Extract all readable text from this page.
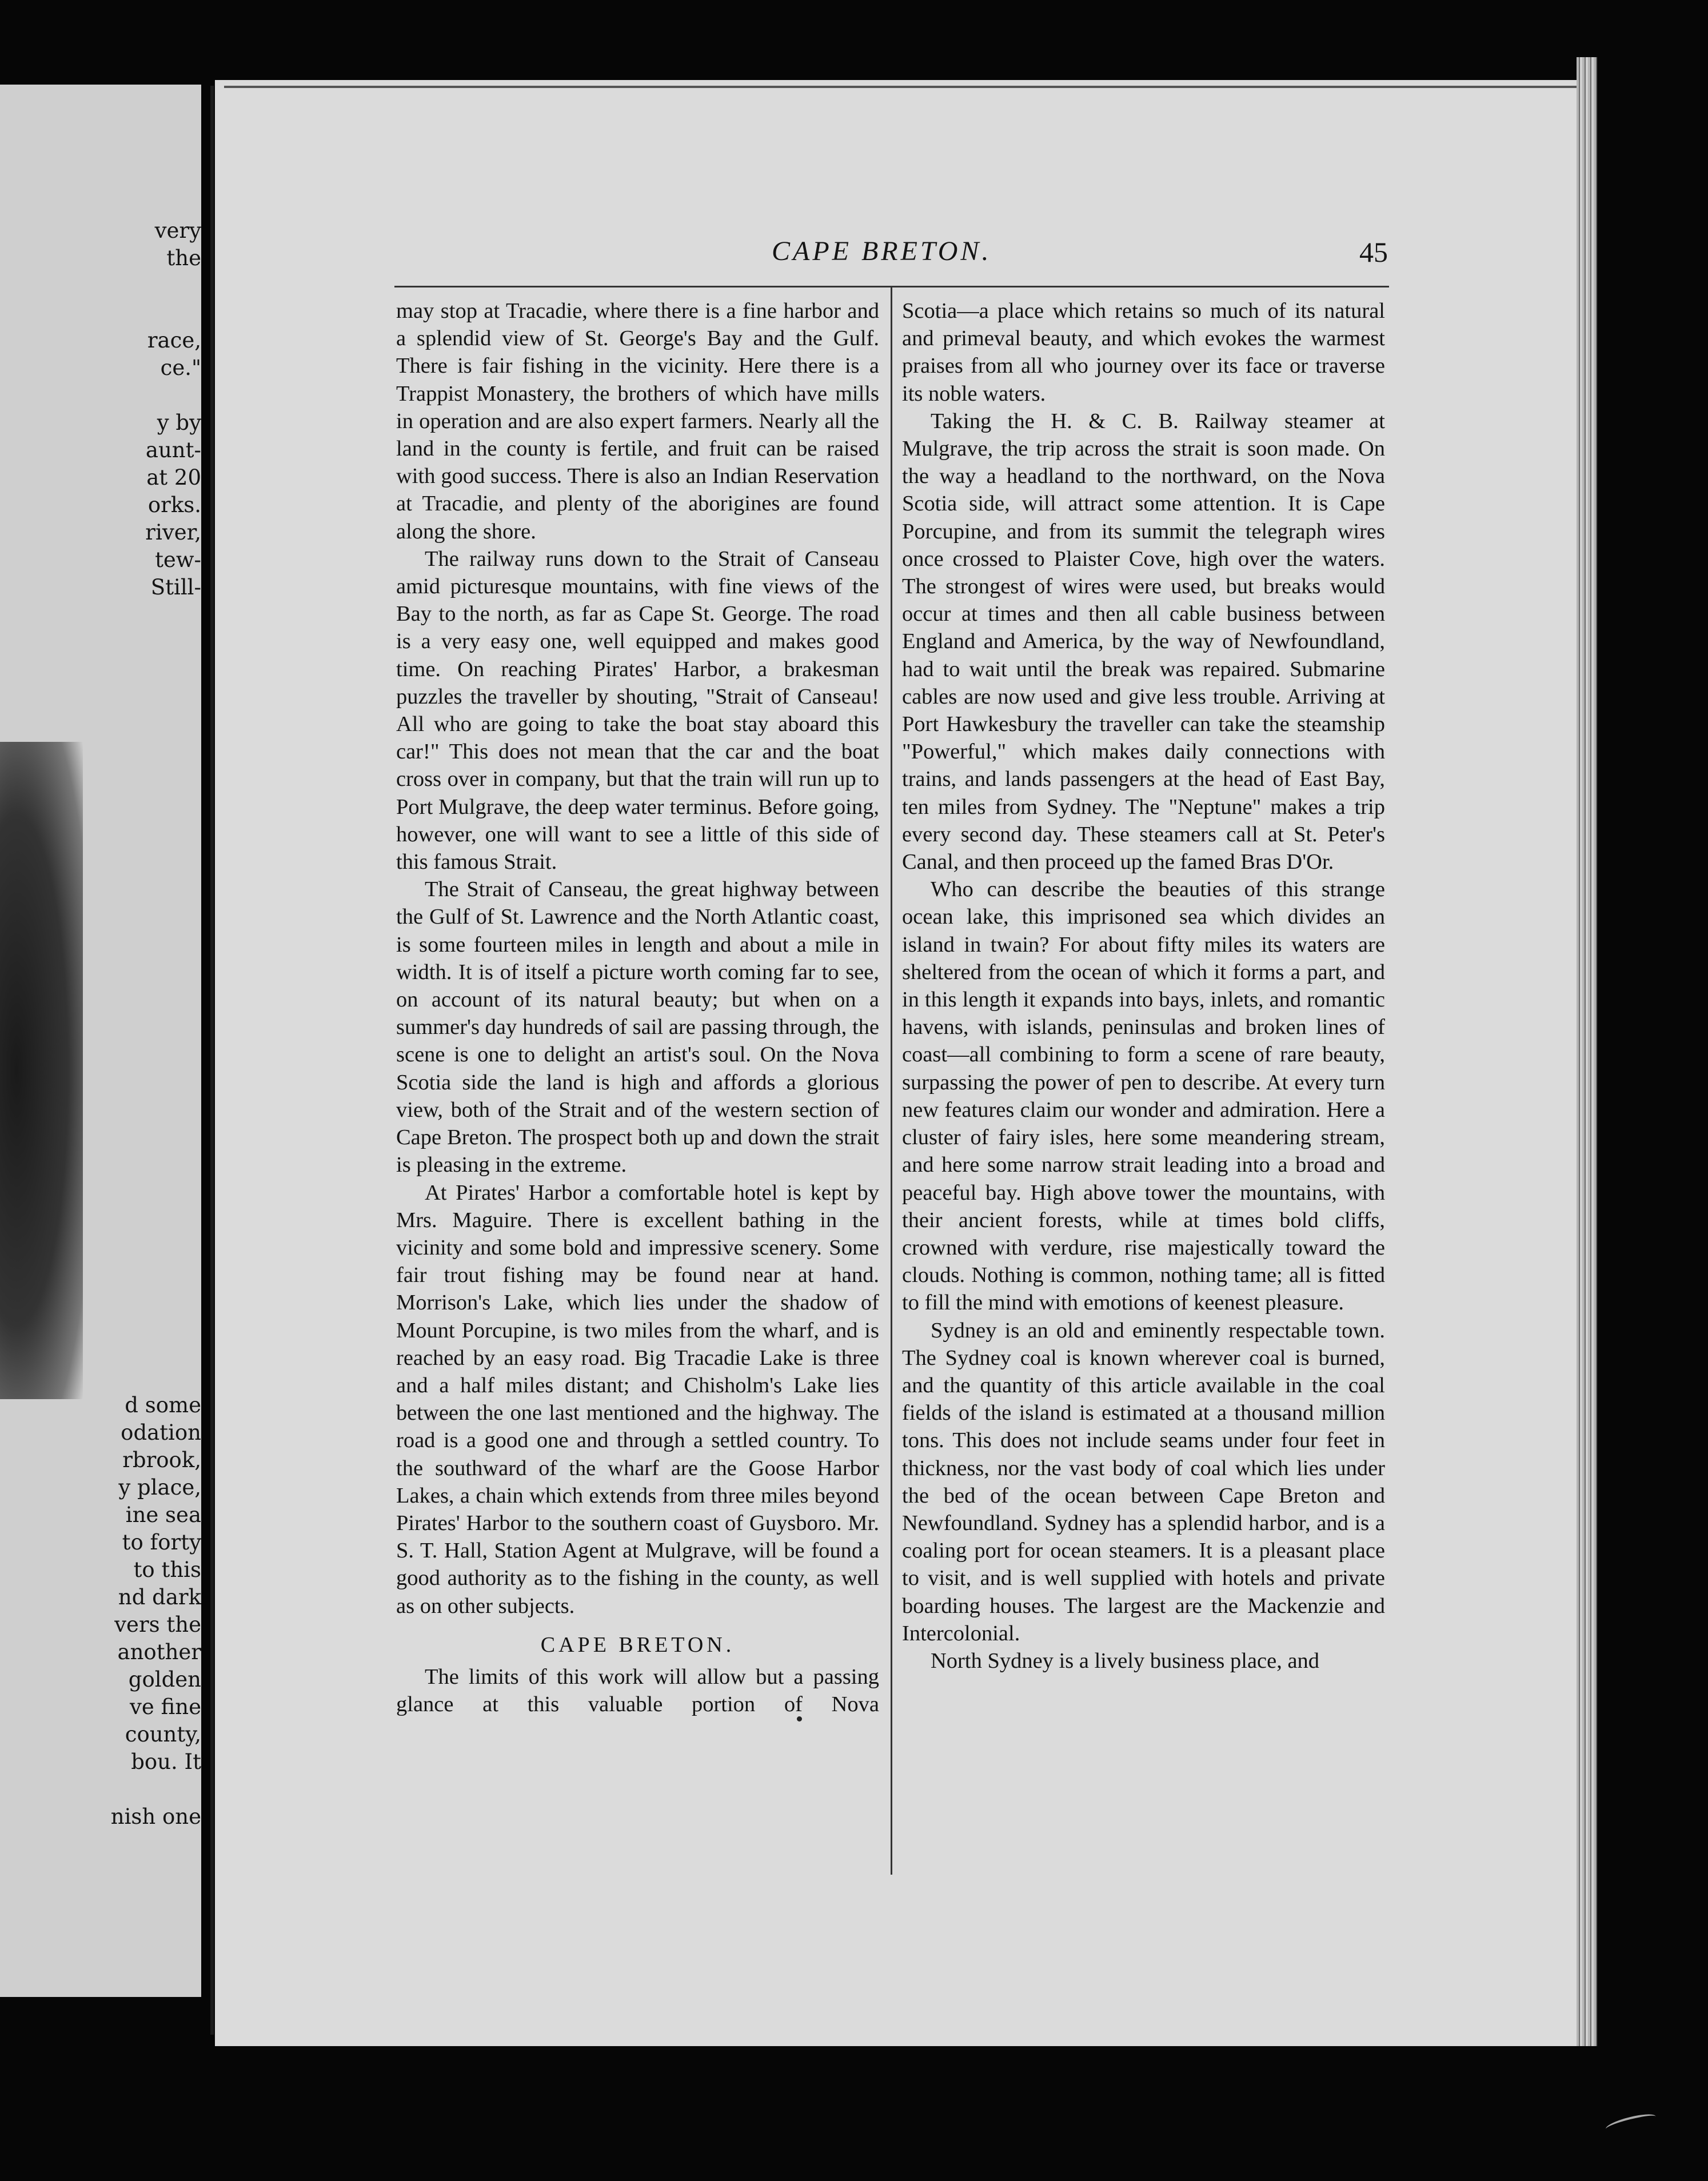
very
the
race,
ce."
y by
aunt-
at 20
orks.
river,
tew-
Still-
d some
odation
rbrook,
y place,
ine sea
to forty
to this
nd dark
vers the
another
golden
ve fine
county,
bou. It
nish one
CAPE BRETON.	45

may stop at Tracadie, where there is a fine harbor and a splendid view of St. George's Bay and the Gulf. There is fair fishing in the vicinity. Here there is a Trappist Monastery, the brothers of which have mills in operation and are also expert farmers. Nearly all the land in the county is fertile, and fruit can be raised with good success. There is also an Indian Reservation at Tracadie, and plenty of the aborigines are found along the shore.

The railway runs down to the Strait of Canseau amid picturesque mountains, with fine views of the Bay to the north, as far as Cape St. George. The road is a very easy one, well equipped and makes good time. On reaching Pirates' Harbor, a brakesman puzzles the traveller by shouting, "Strait of Canseau! All who are going to take the boat stay aboard this car!" This does not mean that the car and the boat cross over in company, but that the train will run up to Port Mulgrave, the deep water terminus. Before going, however, one will want to see a little of this side of this famous Strait.

The Strait of Canseau, the great highway between the Gulf of St. Lawrence and the North Atlantic coast, is some fourteen miles in length and about a mile in width. It is of itself a picture worth coming far to see, on account of its natural beauty; but when on a summer's day hundreds of sail are passing through, the scene is one to delight an artist's soul. On the Nova Scotia side the land is high and affords a glorious view, both of the Strait and of the western section of Cape Breton. The prospect both up and down the strait is pleasing in the extreme.

At Pirates' Harbor a comfortable hotel is kept by Mrs. Maguire. There is excellent bathing in the vicinity and some bold and impressive scenery. Some fair trout fishing may be found near at hand. Morrison's Lake, which lies under the shadow of Mount Porcupine, is two miles from the wharf, and is reached by an easy road. Big Tracadie Lake is three and a half miles distant; and Chisholm's Lake lies between the one last mentioned and the highway. The road is a good one and through a settled country. To the southward of the wharf are the Goose Harbor Lakes, a chain which extends from three miles beyond Pirates' Harbor to the southern coast of Guysboro. Mr. S. T. Hall, Station Agent at Mulgrave, will be found a good authority as to the fishing in the county, as well as on other subjects.

CAPE BRETON.

The limits of this work will allow but a passing glance at this valuable portion of Nova

Scotia—a place which retains so much of its natural and primeval beauty, and which evokes the warmest praises from all who journey over its face or traverse its noble waters.

Taking the H. & C. B. Railway steamer at Mulgrave, the trip across the strait is soon made. On the way a headland to the northward, on the Nova Scotia side, will attract some attention. It is Cape Porcupine, and from its summit the telegraph wires once crossed to Plaister Cove, high over the waters. The strongest of wires were used, but breaks would occur at times and then all cable business between England and America, by the way of Newfoundland, had to wait until the break was repaired. Submarine cables are now used and give less trouble. Arriving at Port Hawkesbury the traveller can take the steamship "Powerful," which makes daily connections with trains, and lands passengers at the head of East Bay, ten miles from Sydney. The "Neptune" makes a trip every second day. These steamers call at St. Peter's Canal, and then proceed up the famed Bras D'Or.

Who can describe the beauties of this strange ocean lake, this imprisoned sea which divides an island in twain? For about fifty miles its waters are sheltered from the ocean of which it forms a part, and in this length it expands into bays, inlets, and romantic havens, with islands, peninsulas and broken lines of coast—all combining to form a scene of rare beauty, surpassing the power of pen to describe. At every turn new features claim our wonder and admiration. Here a cluster of fairy isles, here some meandering stream, and here some narrow strait leading into a broad and peaceful bay. High above tower the mountains, with their ancient forests, while at times bold cliffs, crowned with verdure, rise majestically toward the clouds. Nothing is common, nothing tame; all is fitted to fill the mind with emotions of keenest pleasure.

Sydney is an old and eminently respectable town. The Sydney coal is known wherever coal is burned, and the quantity of this article available in the coal fields of the island is estimated at a thousand million tons. This does not include seams under four feet in thickness, nor the vast body of coal which lies under the bed of the ocean between Cape Breton and Newfoundland. Sydney has a splendid harbor, and is a coaling port for ocean steamers. It is a pleasant place to visit, and is well supplied with hotels and private boarding houses. The largest are the Mackenzie and Intercolonial.

North Sydney is a lively business place, and
